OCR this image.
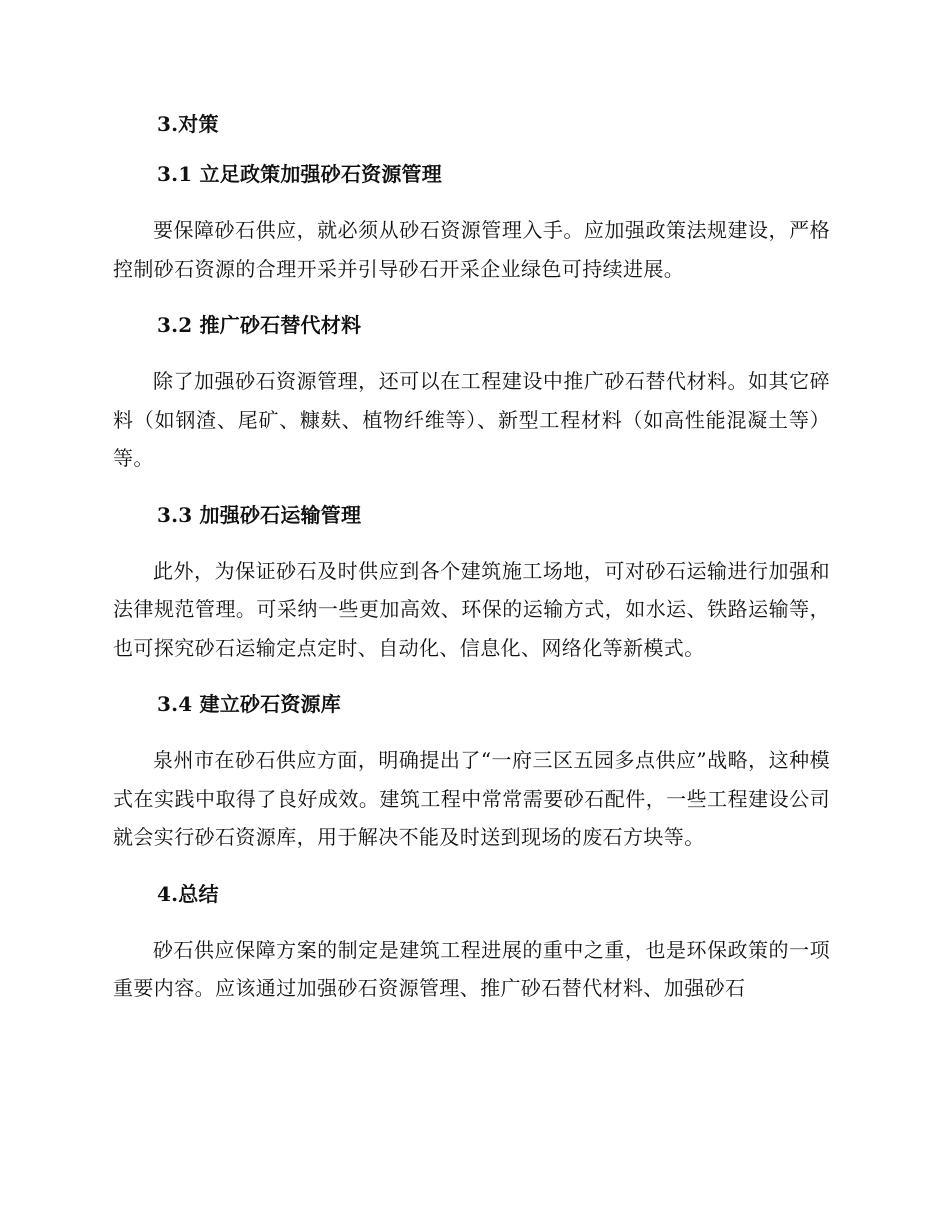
3.对策
3.1 立足政策加强砂石资源管理

要保障砂石供应，就必须从砂石资源管理入手。应加强政策法规建设，严格控制砂石资源的合理开采并引导砂石开采企业绿色可持续进展。

3.2 推广砂石替代材料

除了加强砂石资源管理，还可以在工程建设中推广砂石替代材料。如其它碎料（如钢渣、尾矿、糠麸、植物纤维等）、新型工程材料（如高性能混凝土等）等。

3.3 加强砂石运输管理

此外，为保证砂石及时供应到各个建筑施工场地，可对砂石运输进行加强和法律规范管理。可采纳一些更加高效、环保的运输方式，如水运、铁路运输等，也可探究砂石运输定点定时、自动化、信息化、网络化等新模式。

3.4 建立砂石资源库

泉州市在砂石供应方面，明确提出了“一府三区五园多点供应”战略，这种模式在实践中取得了良好成效。建筑工程中常常需要砂石配件，一些工程建设公司就会实行砂石资源库，用于解决不能及时送到现场的废石方块等。

4.总结

砂石供应保障方案的制定是建筑工程进展的重中之重，也是环保政策的一项重要内容。应该通过加强砂石资源管理、推广砂石替代材料、加强砂石
